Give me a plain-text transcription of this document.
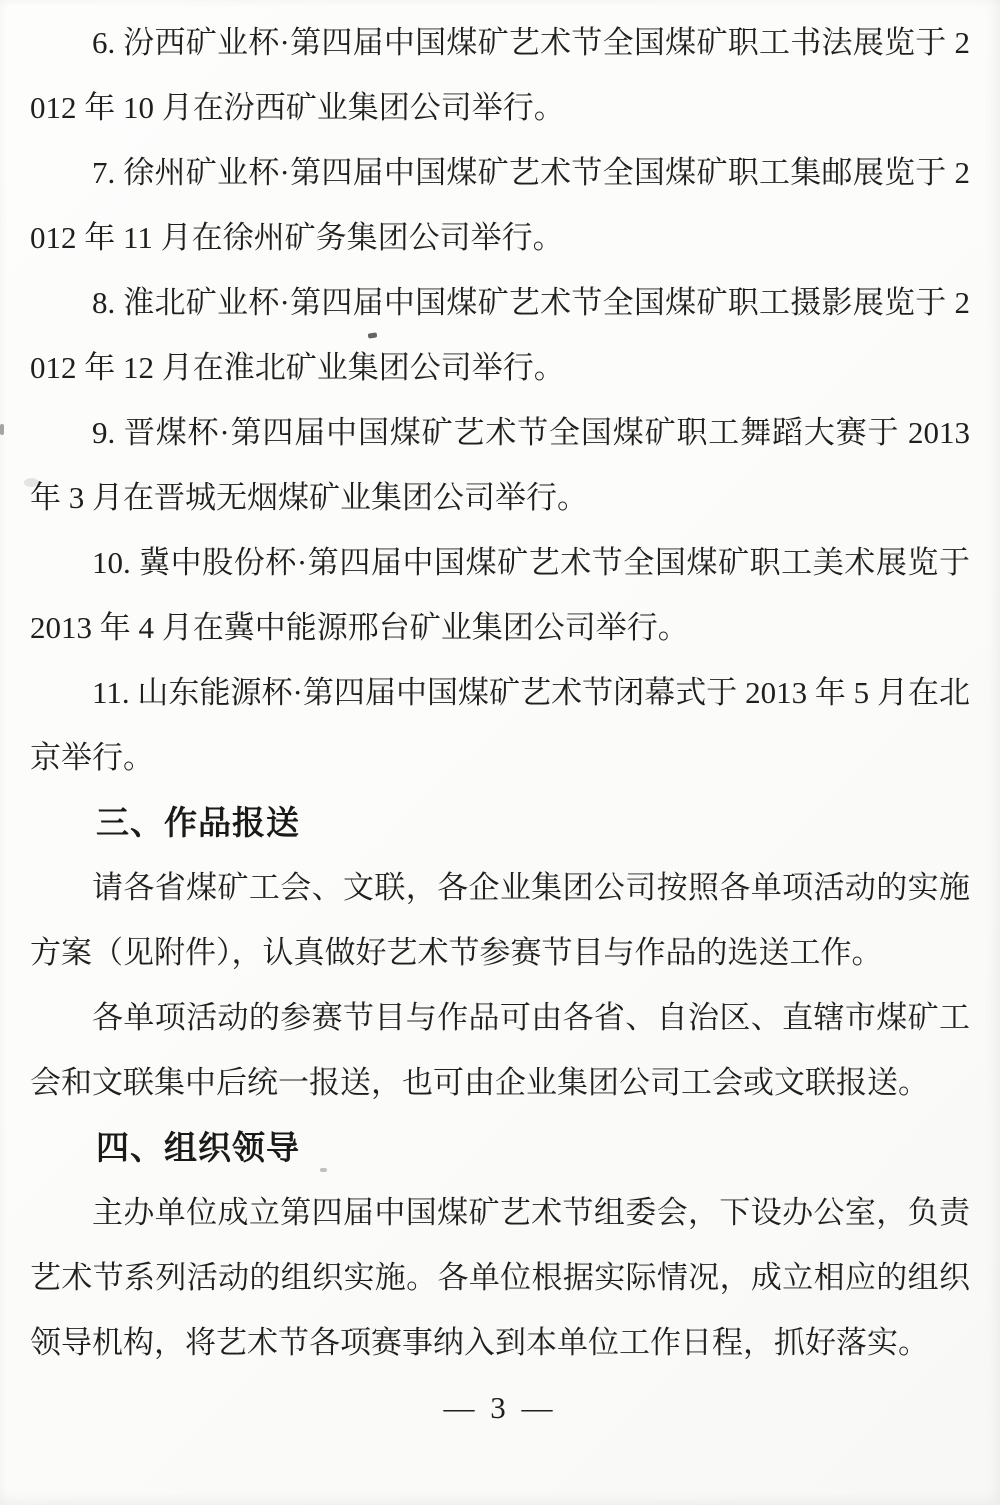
6. 汾西矿业杯·第四届中国煤矿艺术节全国煤矿职工书法展览于 2012 年 10 月在汾西矿业集团公司举行。

7. 徐州矿业杯·第四届中国煤矿艺术节全国煤矿职工集邮展览于 2012 年 11 月在徐州矿务集团公司举行。

8. 淮北矿业杯·第四届中国煤矿艺术节全国煤矿职工摄影展览于 2012 年 12 月在淮北矿业集团公司举行。

9. 晋煤杯·第四届中国煤矿艺术节全国煤矿职工舞蹈大赛于 2013 年 3 月在晋城无烟煤矿业集团公司举行。

10. 冀中股份杯·第四届中国煤矿艺术节全国煤矿职工美术展览于 2013 年 4 月在冀中能源邢台矿业集团公司举行。

11. 山东能源杯·第四届中国煤矿艺术节闭幕式于 2013 年 5 月在北京举行。

三、作品报送

请各省煤矿工会、文联，各企业集团公司按照各单项活动的实施方案（见附件），认真做好艺术节参赛节目与作品的选送工作。

各单项活动的参赛节目与作品可由各省、自治区、直辖市煤矿工会和文联集中后统一报送，也可由企业集团公司工会或文联报送。

四、组织领导

主办单位成立第四届中国煤矿艺术节组委会，下设办公室，负责艺术节系列活动的组织实施。各单位根据实际情况，成立相应的组织领导机构，将艺术节各项赛事纳入到本单位工作日程，抓好落实。

— 3 —
